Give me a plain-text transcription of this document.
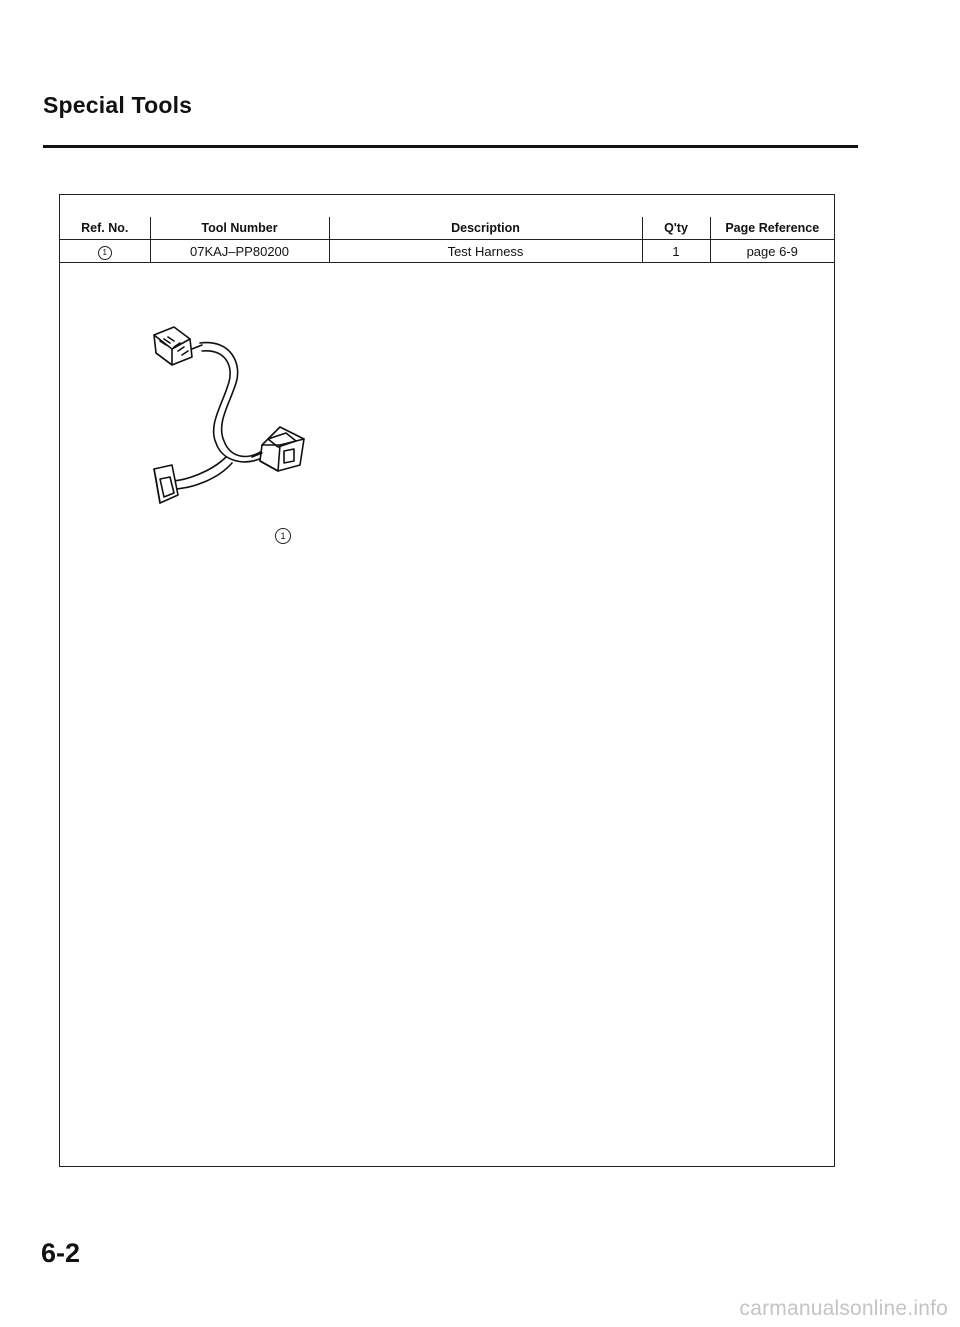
Special Tools
Ref. No.	Tool Number	Description	Q'ty	Page Reference
1	07KAJ–PP80200	Test Harness	1	page 6-9
1
6-2
carmanualsonline.info
